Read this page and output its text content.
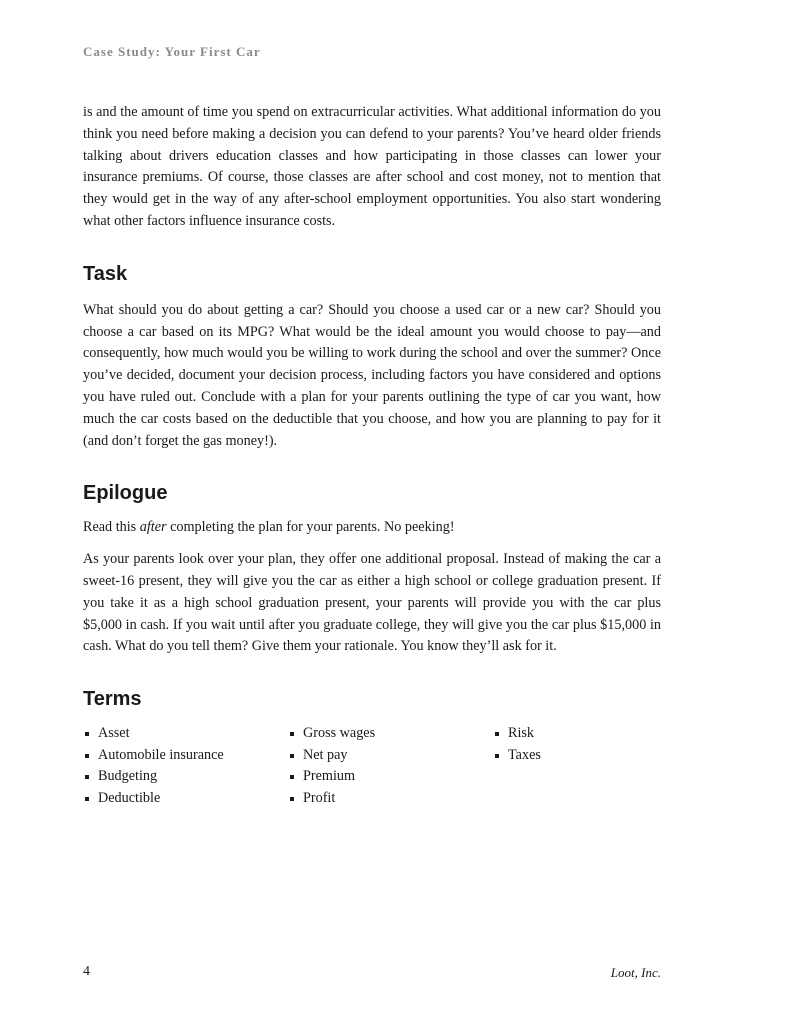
Case Study: Your First Car

is and the amount of time you spend on extracurricular activities. What additional information do you think you need before making a decision you can defend to your parents? You’ve heard older friends talking about drivers education classes and how participating in those classes can lower your insurance premiums. Of course, those classes are after school and cost money, not to mention that they would get in the way of any after-school employment opportunities. You also start wondering what other factors influence insurance costs.

Task

What should you do about getting a car? Should you choose a used car or a new car? Should you choose a car based on its MPG? What would be the ideal amount you would choose to pay—and consequently, how much would you be willing to work during the school and over the summer? Once you’ve decided, document your decision process, including factors you have considered and options you have ruled out. Conclude with a plan for your parents outlining the type of car you want, how much the car costs based on the deductible that you choose, and how you are planning to pay for it (and don’t forget the gas money!).

Epilogue

Read this after completing the plan for your parents. No peeking!

As your parents look over your plan, they offer one additional proposal. Instead of making the car a sweet-16 present, they will give you the car as either a high school or college graduation present. If you take it as a high school graduation present, your parents will provide you with the car plus $5,000 in cash. If you wait until after you graduate college, they will give you the car plus $15,000 in cash. What do you tell them? Give them your rationale. You know they’ll ask for it.

Terms
Asset
Automobile insurance
Budgeting
Deductible
Gross wages
Net pay
Premium
Profit
Risk
Taxes
4	Loot, Inc.
